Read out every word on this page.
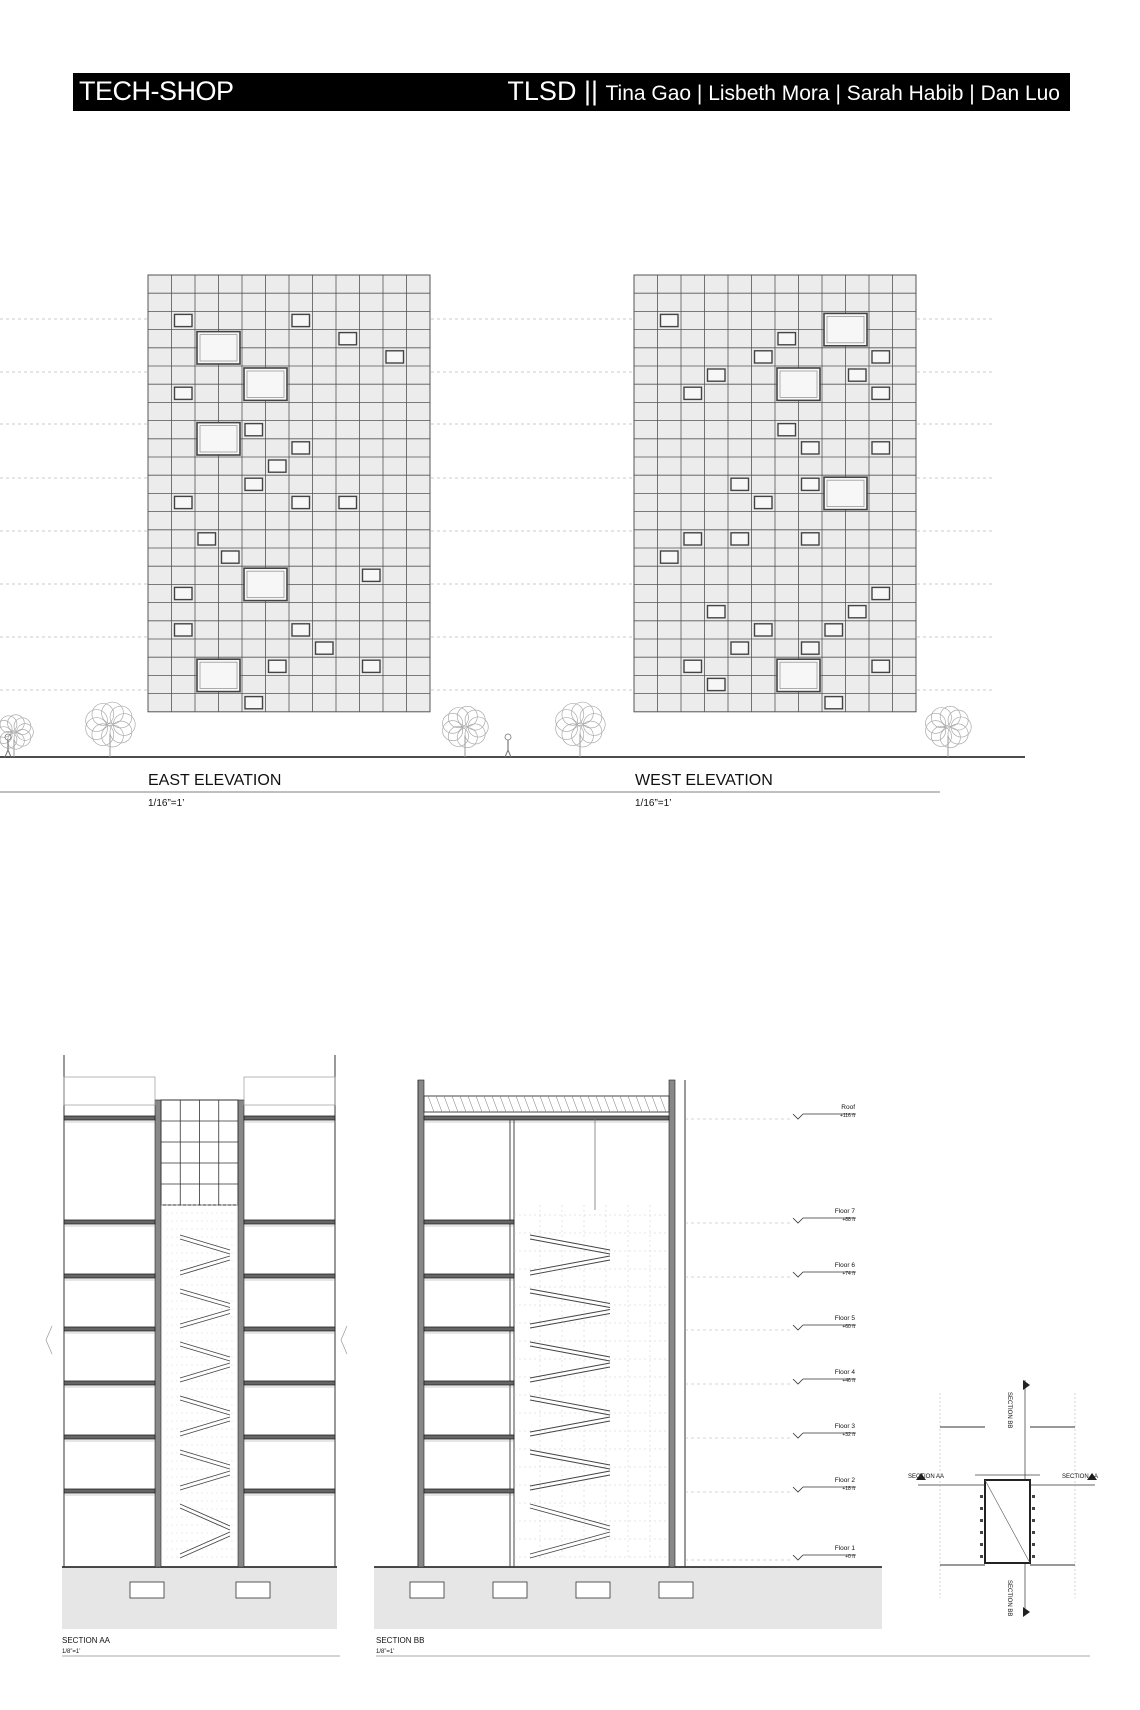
TECH-SHOP	TLSD || Tina Gao | Lisbeth Mora | Sarah Habib | Dan Luo
EAST ELEVATION
1/16”=1’
WEST ELEVATION
1/16”=1’
SECTION AA
1/8”=1’
SECTION BB
1/8”=1’
Roof
+116 ft
Floor 7
+88 ft
Floor 6
+74 ft
Floor 5
+60 ft
Floor 4
+46 ft
Floor 3
+32 ft
Floor 2
+18 ft
Floor 1
+0 ft
SECTION AA	SECTION AA
SECTION BB
SECTION BB
